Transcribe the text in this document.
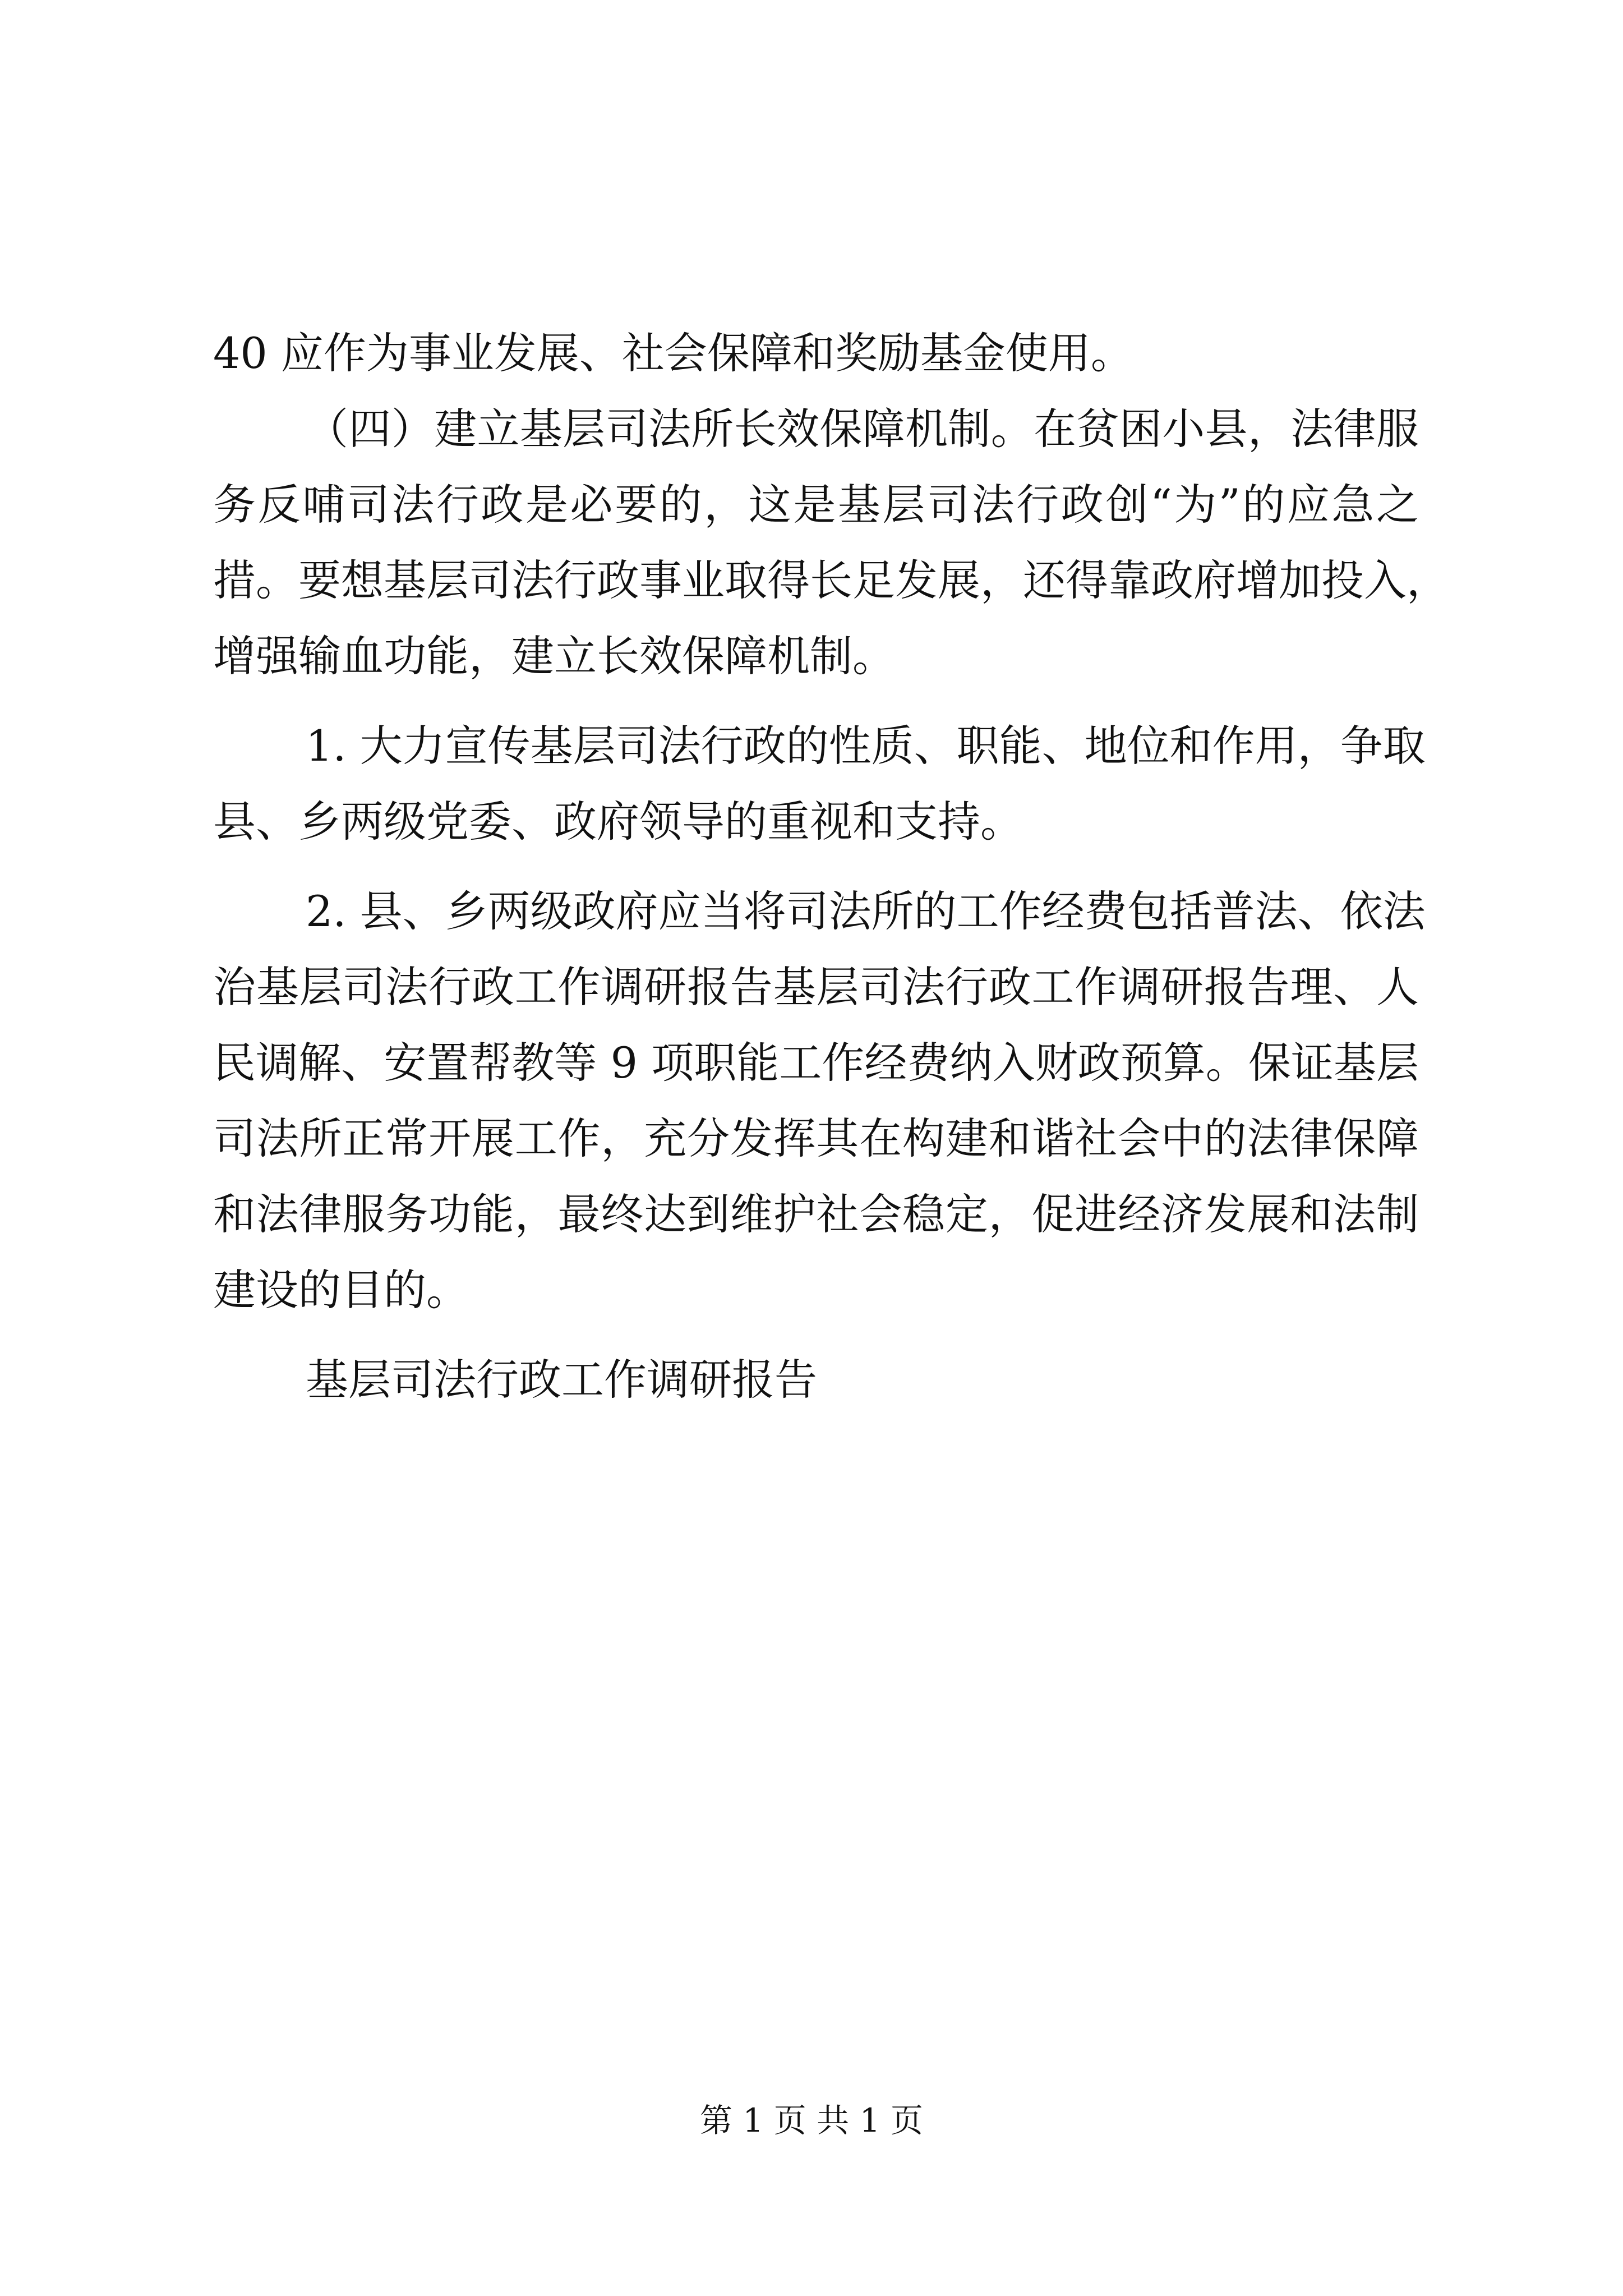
40 应作为事业发展、社会保障和奖励基金使用。
（四）建立基层司法所长效保障机制。在贫困小县，法律服
务反哺司法行政是必要的，这是基层司法行政创“为”的应急之
措。要想基层司法行政事业取得长足发展，还得靠政府增加投入，
增强输血功能，建立长效保障机制。
1. 大力宣传基层司法行政的性质、职能、地位和作用，争取
县、乡两级党委、政府领导的重视和支持。
2. 县、乡两级政府应当将司法所的工作经费包括普法、依法
治基层司法行政工作调研报告基层司法行政工作调研报告理、人
民调解、安置帮教等 9 项职能工作经费纳入财政预算。保证基层
司法所正常开展工作，充分发挥其在构建和谐社会中的法律保障
和法律服务功能，最终达到维护社会稳定，促进经济发展和法制
建设的目的。
基层司法行政工作调研报告
第 1 页 共 1 页
